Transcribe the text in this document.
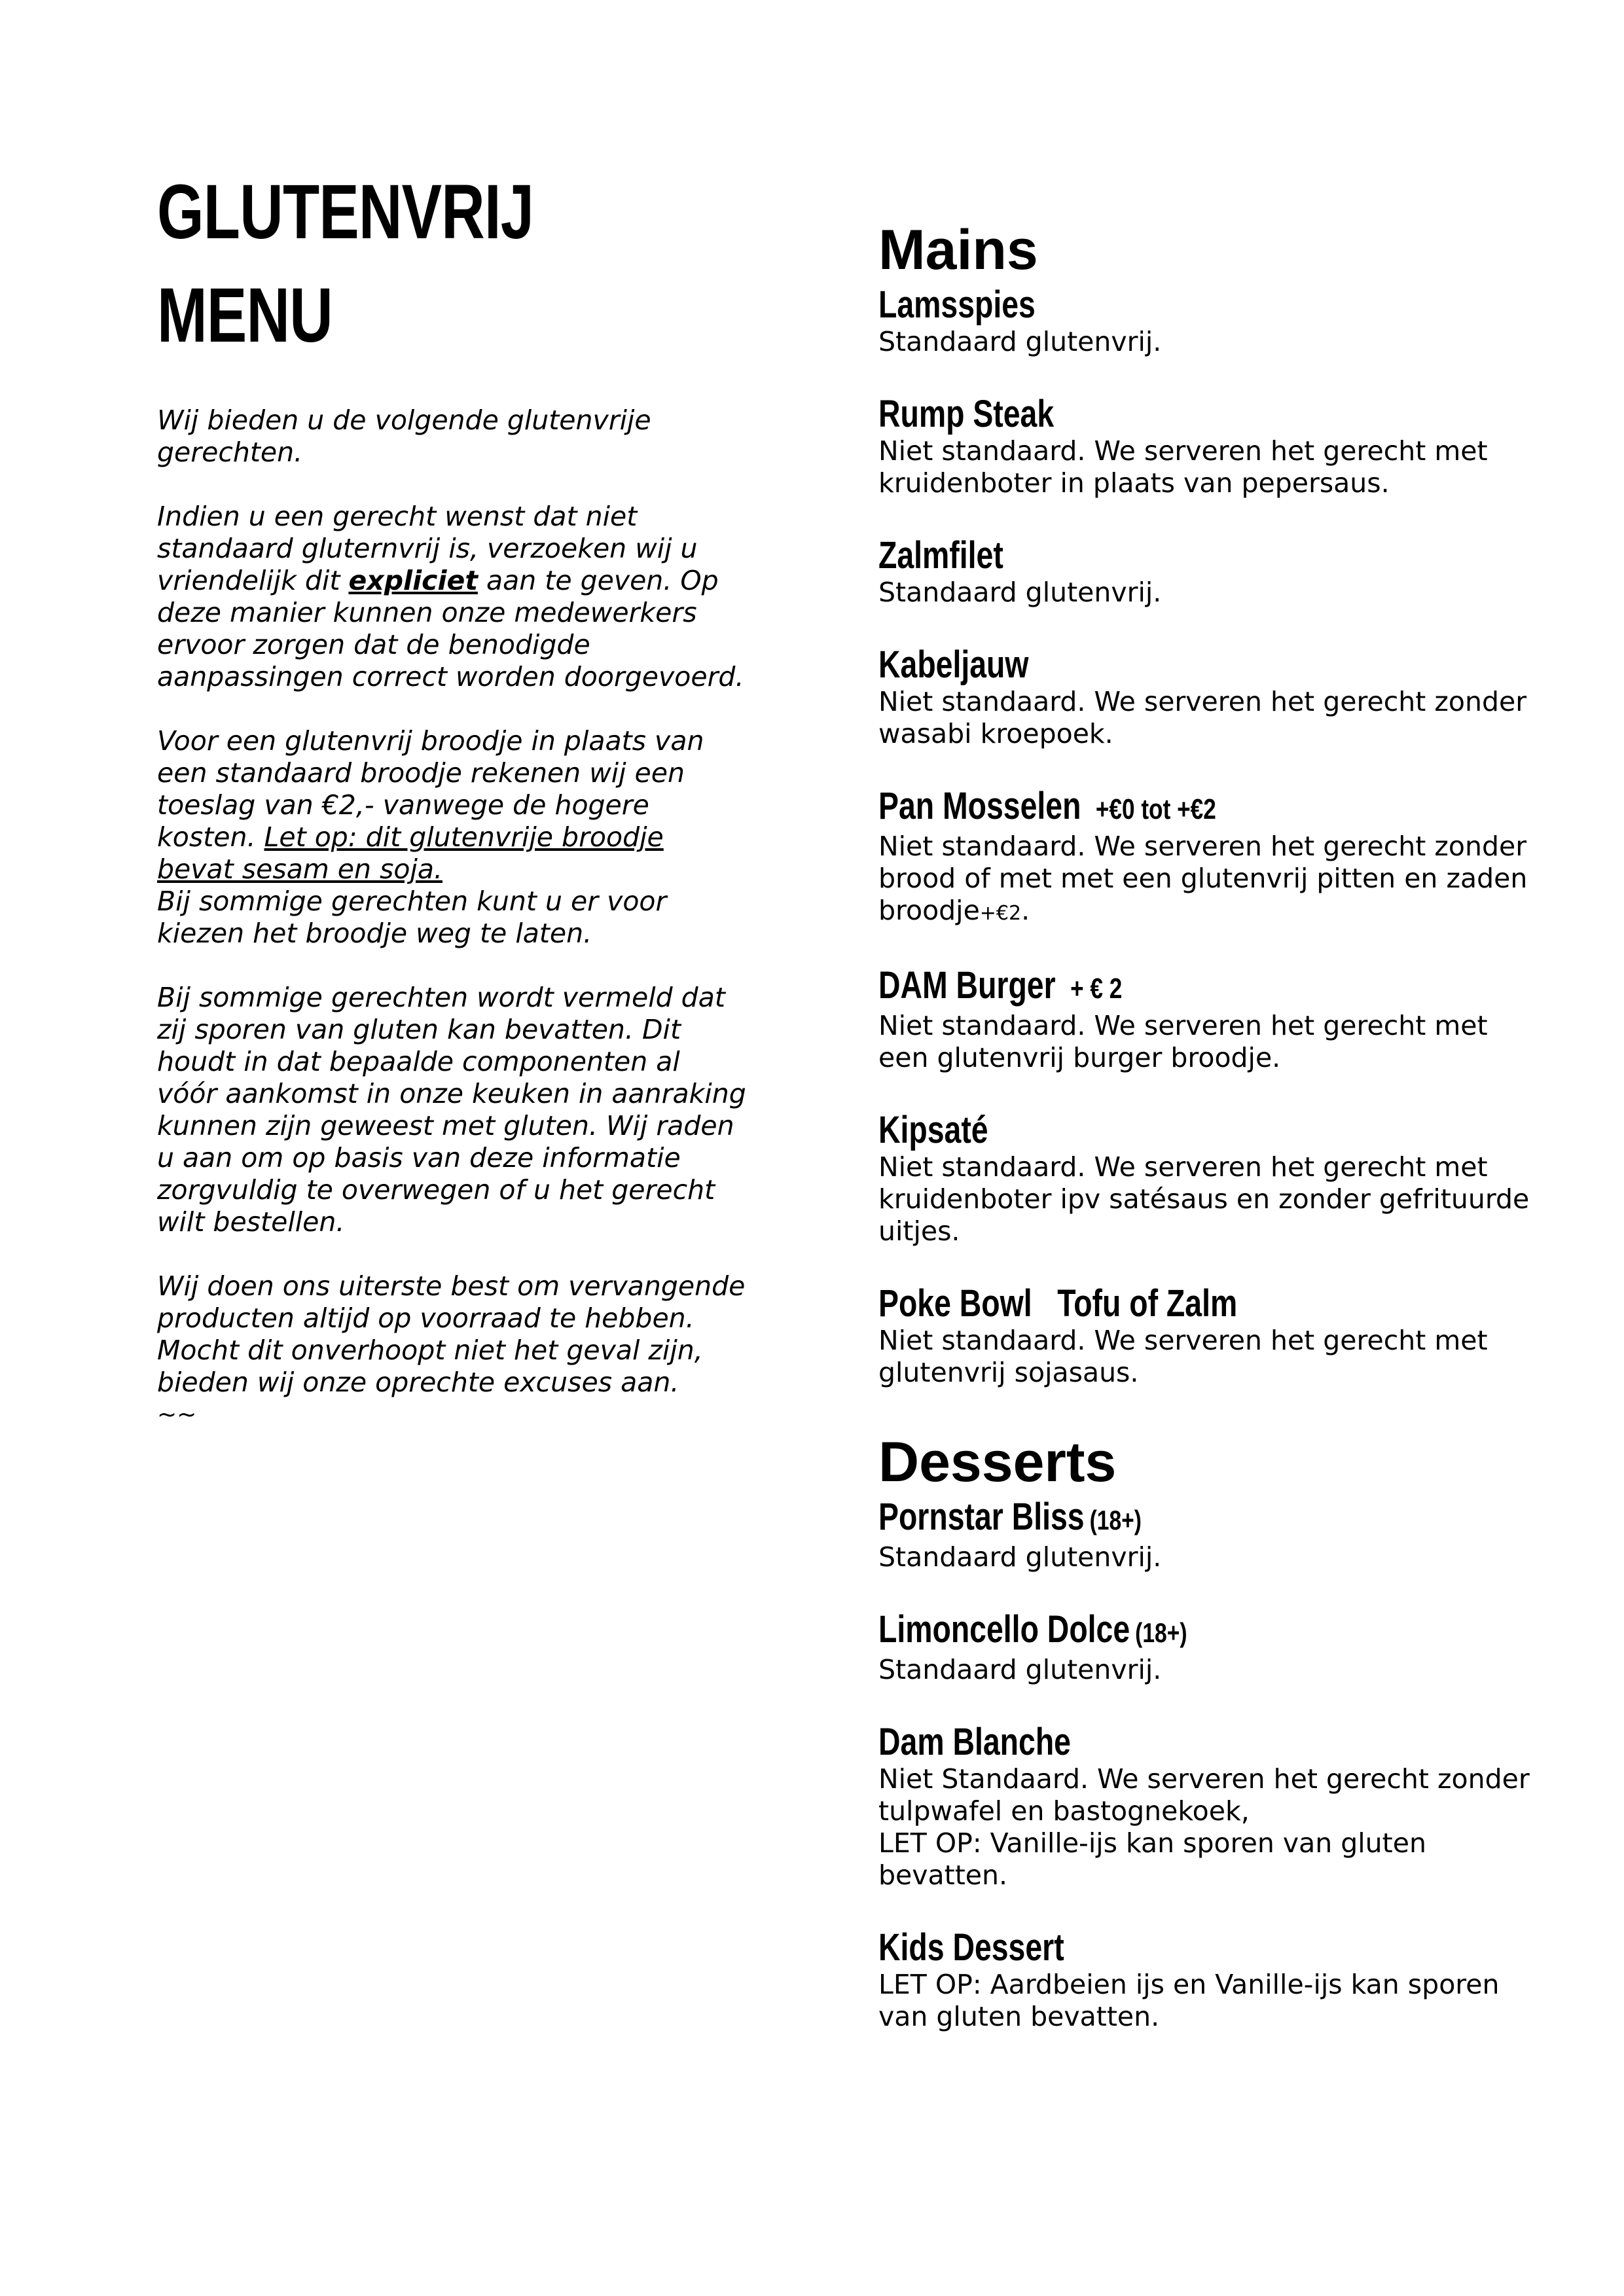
GLUTENVRIJ
MENU

Wij bieden u de volgende glutenvrije gerechten.

Indien u een gerecht wenst dat niet standaard gluternvrij is, verzoeken wij u vriendelijk dit expliciet aan te geven. Op deze manier kunnen onze medewerkers ervoor zorgen dat de benodigde aanpassingen correct worden doorgevoerd.

Voor een glutenvrij broodje in plaats van een standaard broodje rekenen wij een toeslag van €2,- vanwege de hogere kosten. Let op: dit glutenvrije broodje bevat sesam en soja.

Bij sommige gerechten kunt u er voor kiezen het broodje weg te laten.

Bij sommige gerechten wordt vermeld dat zij sporen van gluten kan bevatten. Dit houdt in dat bepaalde componenten al vóór aankomst in onze keuken in aanraking kunnen zijn geweest met gluten. Wij raden u aan om op basis van deze informatie zorgvuldig te overwegen of u het gerecht wilt bestellen.

Wij doen ons uiterste best om vervangende producten altijd op voorraad te hebben. Mocht dit onverhoopt niet het geval zijn, bieden wij onze oprechte excuses aan.

~~

Mains
Lamsspies
Standaard glutenvrij.
Rump Steak
Niet standaard. We serveren het gerecht met kruidenboter in plaats van pepersaus.
Zalmfilet
Standaard glutenvrij.
Kabeljauw
Niet standaard. We serveren het gerecht zonder wasabi kroepoek.
Pan Mosselen +€0 tot +€2
Niet standaard. We serveren het gerecht zonder brood of met met een glutenvrij pitten en zaden broodje+€2.
DAM Burger + € 2
Niet standaard. We serveren het gerecht met een glutenvrij burger broodje.
Kipsaté
Niet standaard. We serveren het gerecht met kruidenboter ipv satésaus en zonder gefrituurde uitjes.
Poke Bowl   Tofu of Zalm
Niet standaard. We serveren het gerecht met glutenvrij sojasaus.
Desserts
Pornstar Bliss (18+)
Standaard glutenvrij.
Limoncello Dolce (18+)
Standaard glutenvrij.
Dam Blanche
Niet Standaard. We serveren het gerecht zonder tulpwafel en bastognekoek,
LET OP: Vanille-ijs kan sporen van gluten bevatten.
Kids Dessert
LET OP: Aardbeien ijs en Vanille-ijs kan sporen van gluten bevatten.
